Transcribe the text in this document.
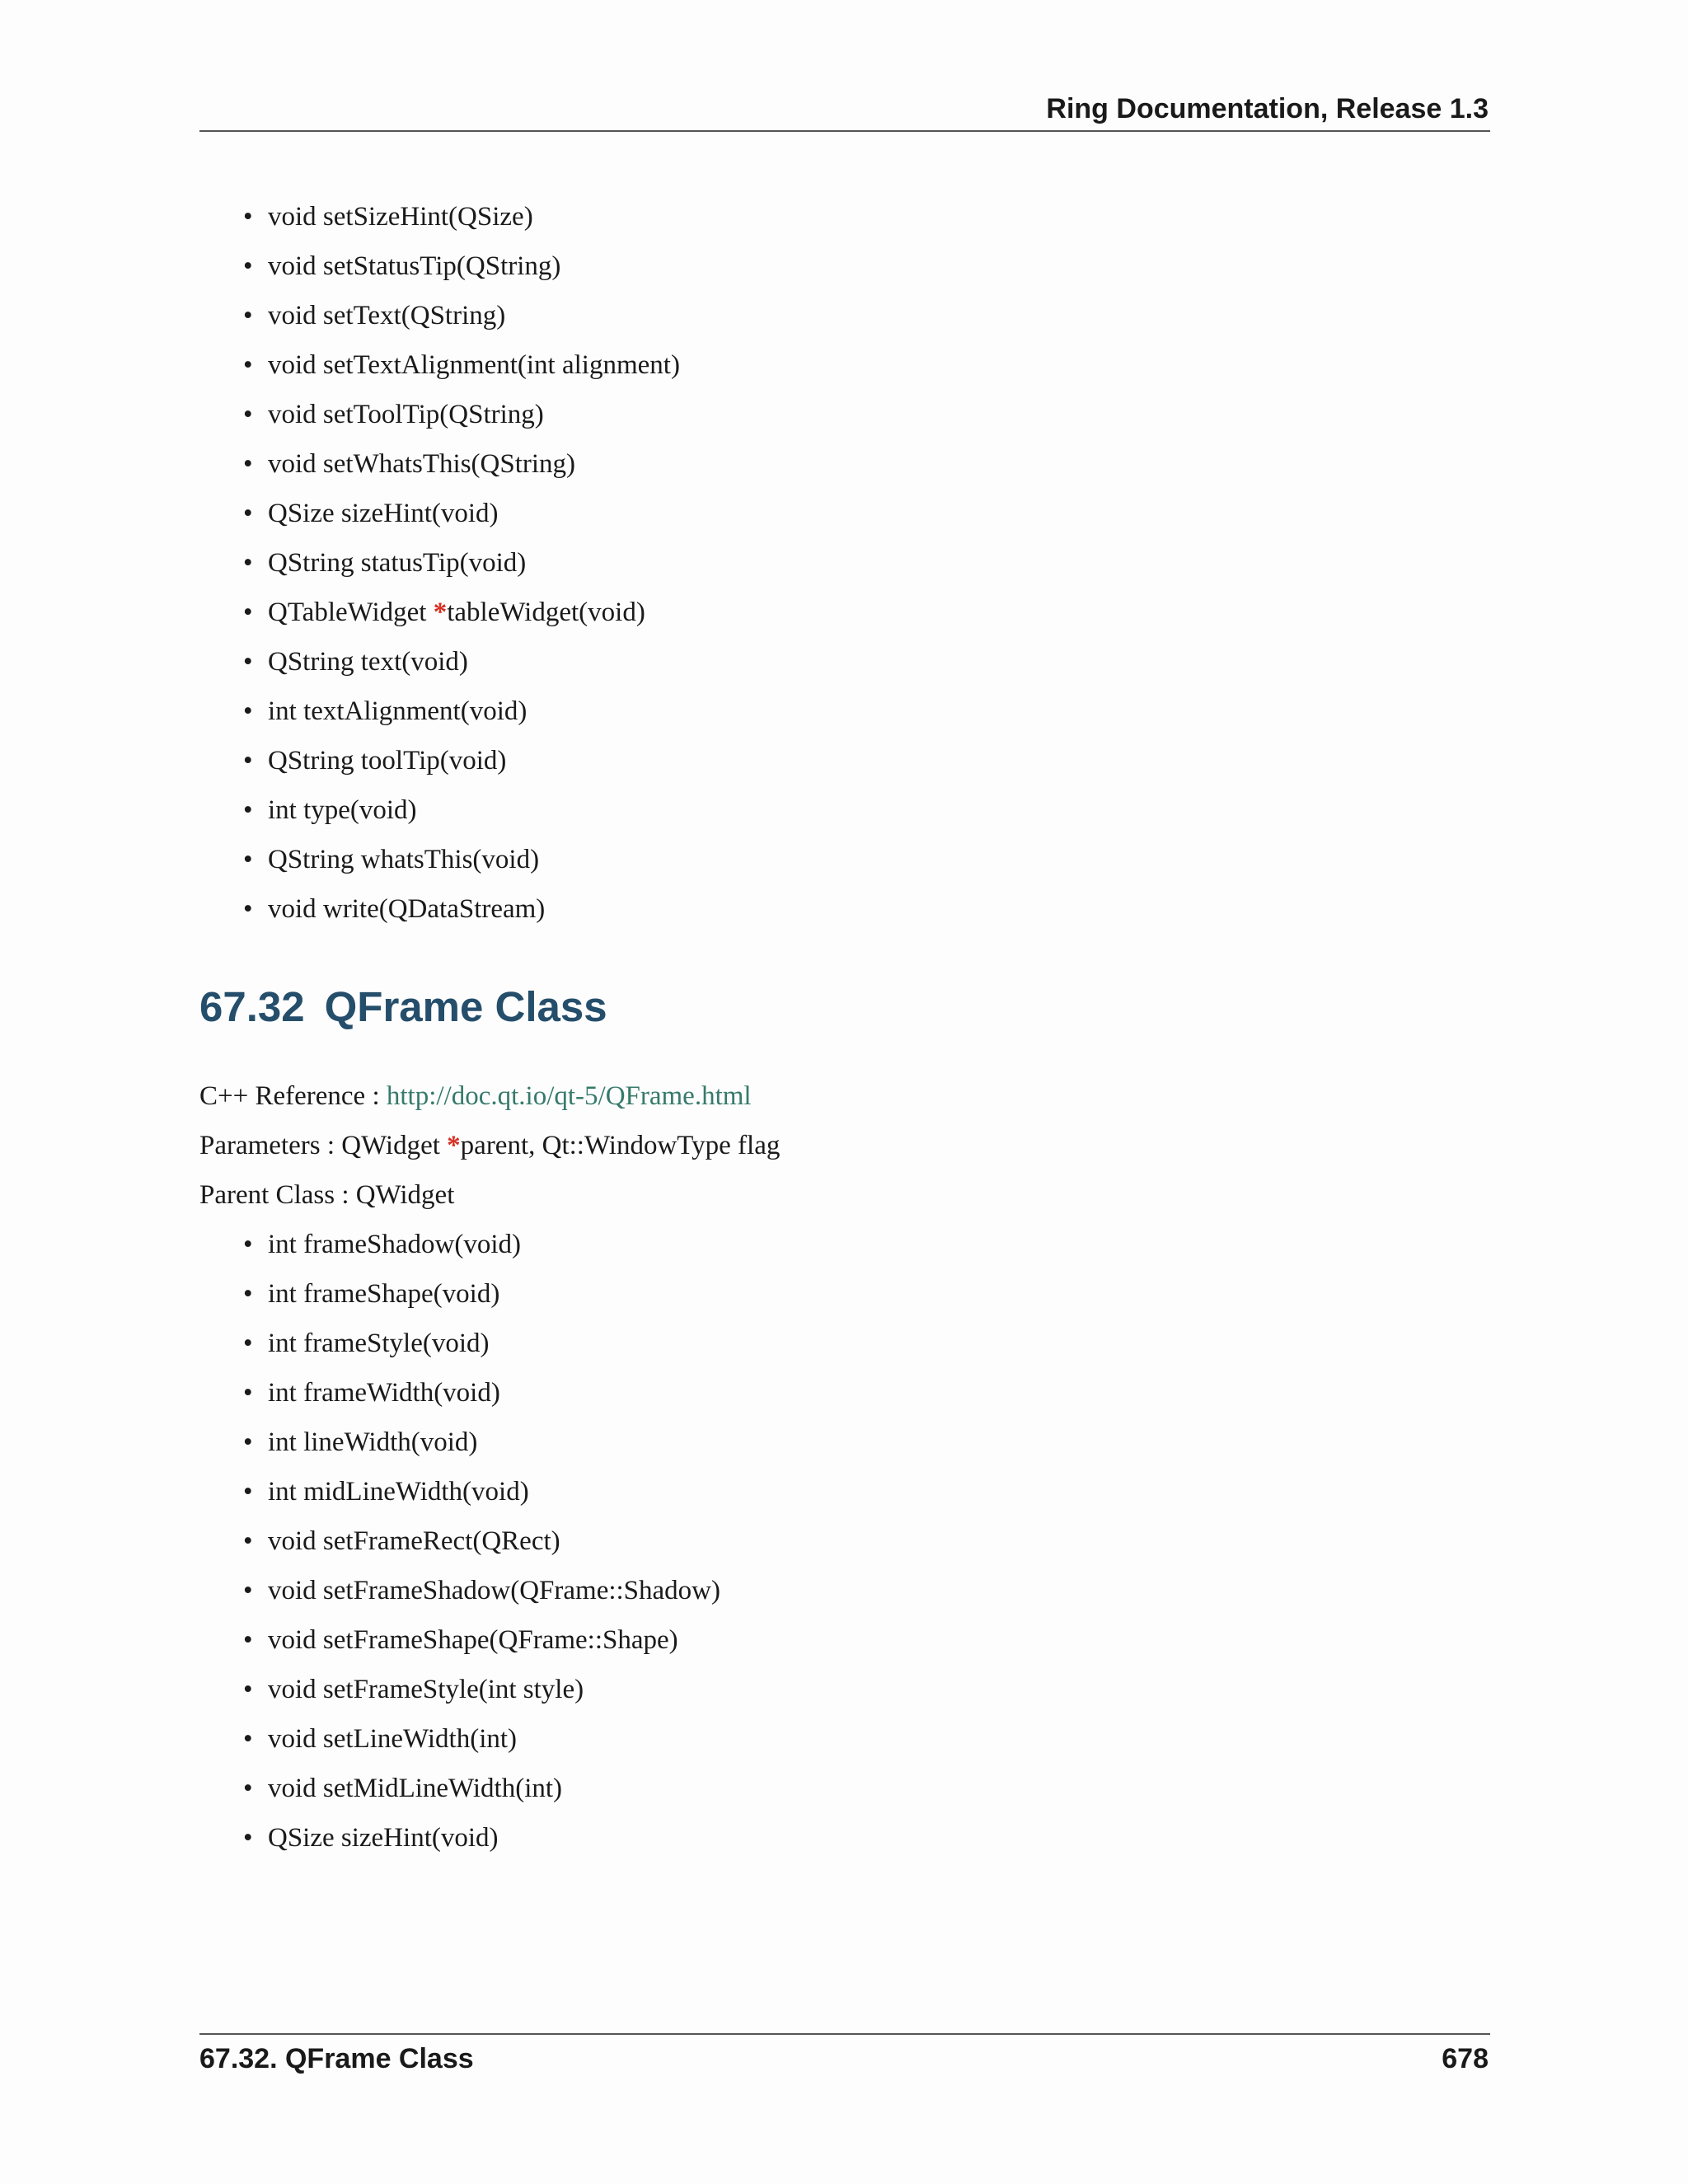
Ring Documentation, Release 1.3
• void setSizeHint(QSize)
• void setStatusTip(QString)
• void setText(QString)
• void setTextAlignment(int alignment)
• void setToolTip(QString)
• void setWhatsThis(QString)
• QSize sizeHint(void)
• QString statusTip(void)
• QTableWidget *tableWidget(void)
• QString text(void)
• int textAlignment(void)
• QString toolTip(void)
• int type(void)
• QString whatsThis(void)
• void write(QDataStream)
67.32 QFrame Class
C++ Reference : http://doc.qt.io/qt-5/QFrame.html
Parameters : QWidget *parent, Qt::WindowType flag
Parent Class : QWidget
• int frameShadow(void)
• int frameShape(void)
• int frameStyle(void)
• int frameWidth(void)
• int lineWidth(void)
• int midLineWidth(void)
• void setFrameRect(QRect)
• void setFrameShadow(QFrame::Shadow)
• void setFrameShape(QFrame::Shape)
• void setFrameStyle(int style)
• void setLineWidth(int)
• void setMidLineWidth(int)
• QSize sizeHint(void)
67.32. QFrame Class	678
